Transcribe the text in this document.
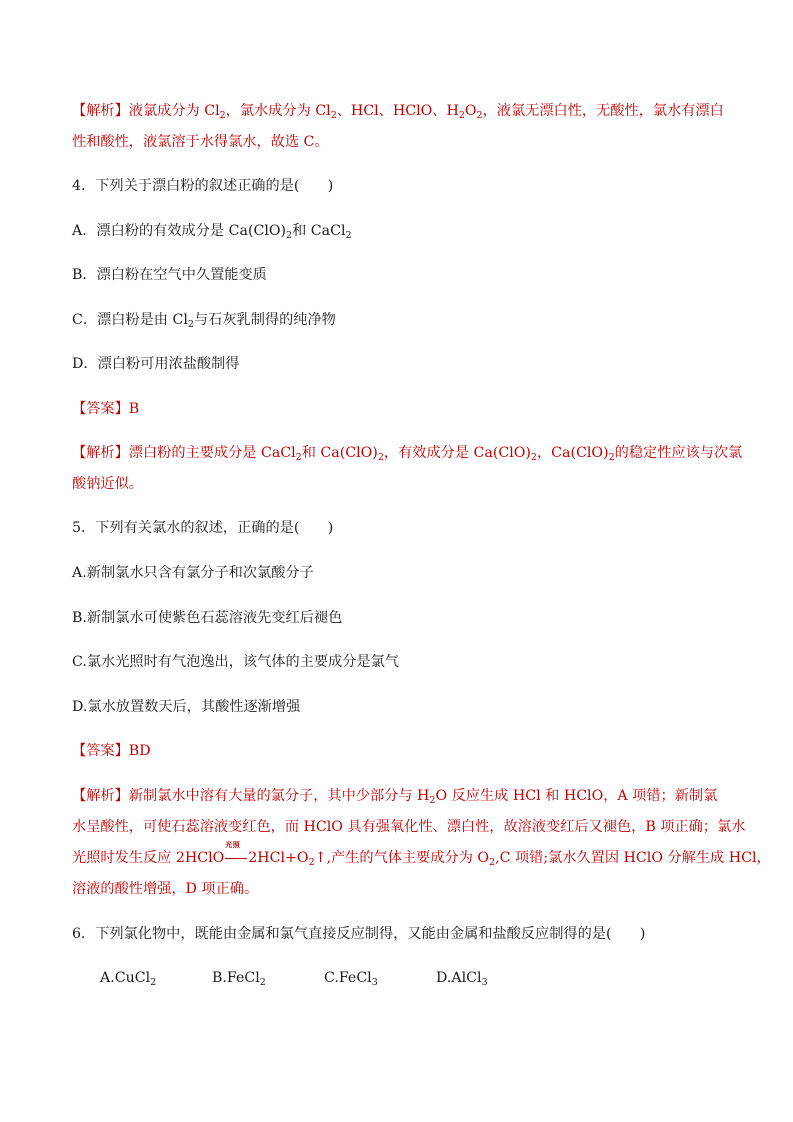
【解析】液氯成分为 $Cl_2$，氯水成分为 $Cl_2$、HCl、HClO、$H_2O_2$，液氯无漂白性，无酸性，氯水有漂白
性和酸性，液氯溶于水得氯水，故选 C。
4．下列关于漂白粉的叙述正确的是(　　)
A．漂白粉的有效成分是 $Ca(ClO)_2$和 CaCl$_2$
B．漂白粉在空气中久置能变质
C．漂白粉是由 $Cl_2$与石灰乳制得的纯净物
D．漂白粉可用浓盐酸制得
【答案】B
【解析】漂白粉的主要成分是 CaCl$_2$和 $Ca(ClO)_2$，有效成分是 $Ca(ClO)_2$，$Ca(ClO)_2$的稳定性应该与次氯
酸钠近似。
5．下列有关氯水的叙述，正确的是(　　)
A.新制氯水只含有氯分子和次氯酸分子
B.新制氯水可使紫色石蕊溶液先变红后褪色
C.氯水光照时有气泡逸出，该气体的主要成分是氯气
D.氯水放置数天后，其酸性逐渐增强
【答案】BD
【解析】新制氯水中溶有大量的氯分子，其中少部分与 $H_2O$ 反应生成 HCl 和 HClO，A 项错；新制氯
水呈酸性，可使石蕊溶液变红色，而 HClO 具有强氧化性、漂白性，故溶液变红后又褪色，B 项正确；氯水
光照时发生反应 2HClO
光照
$2HCl+O_2↑$,产生的气体主要成分为 $O_2,C$ 项错;氯水久置因 HClO 分解生成 HCl，
溶液的酸性增强，D 项正确。
6．下列氯化物中，既能由金属和氯气直接反应制得，又能由金属和盐酸反应制得的是(　　)
A.CuCl$_2$	B.FeCl$_2$	C.FeCl$_3$	D.AlCl$_3$
